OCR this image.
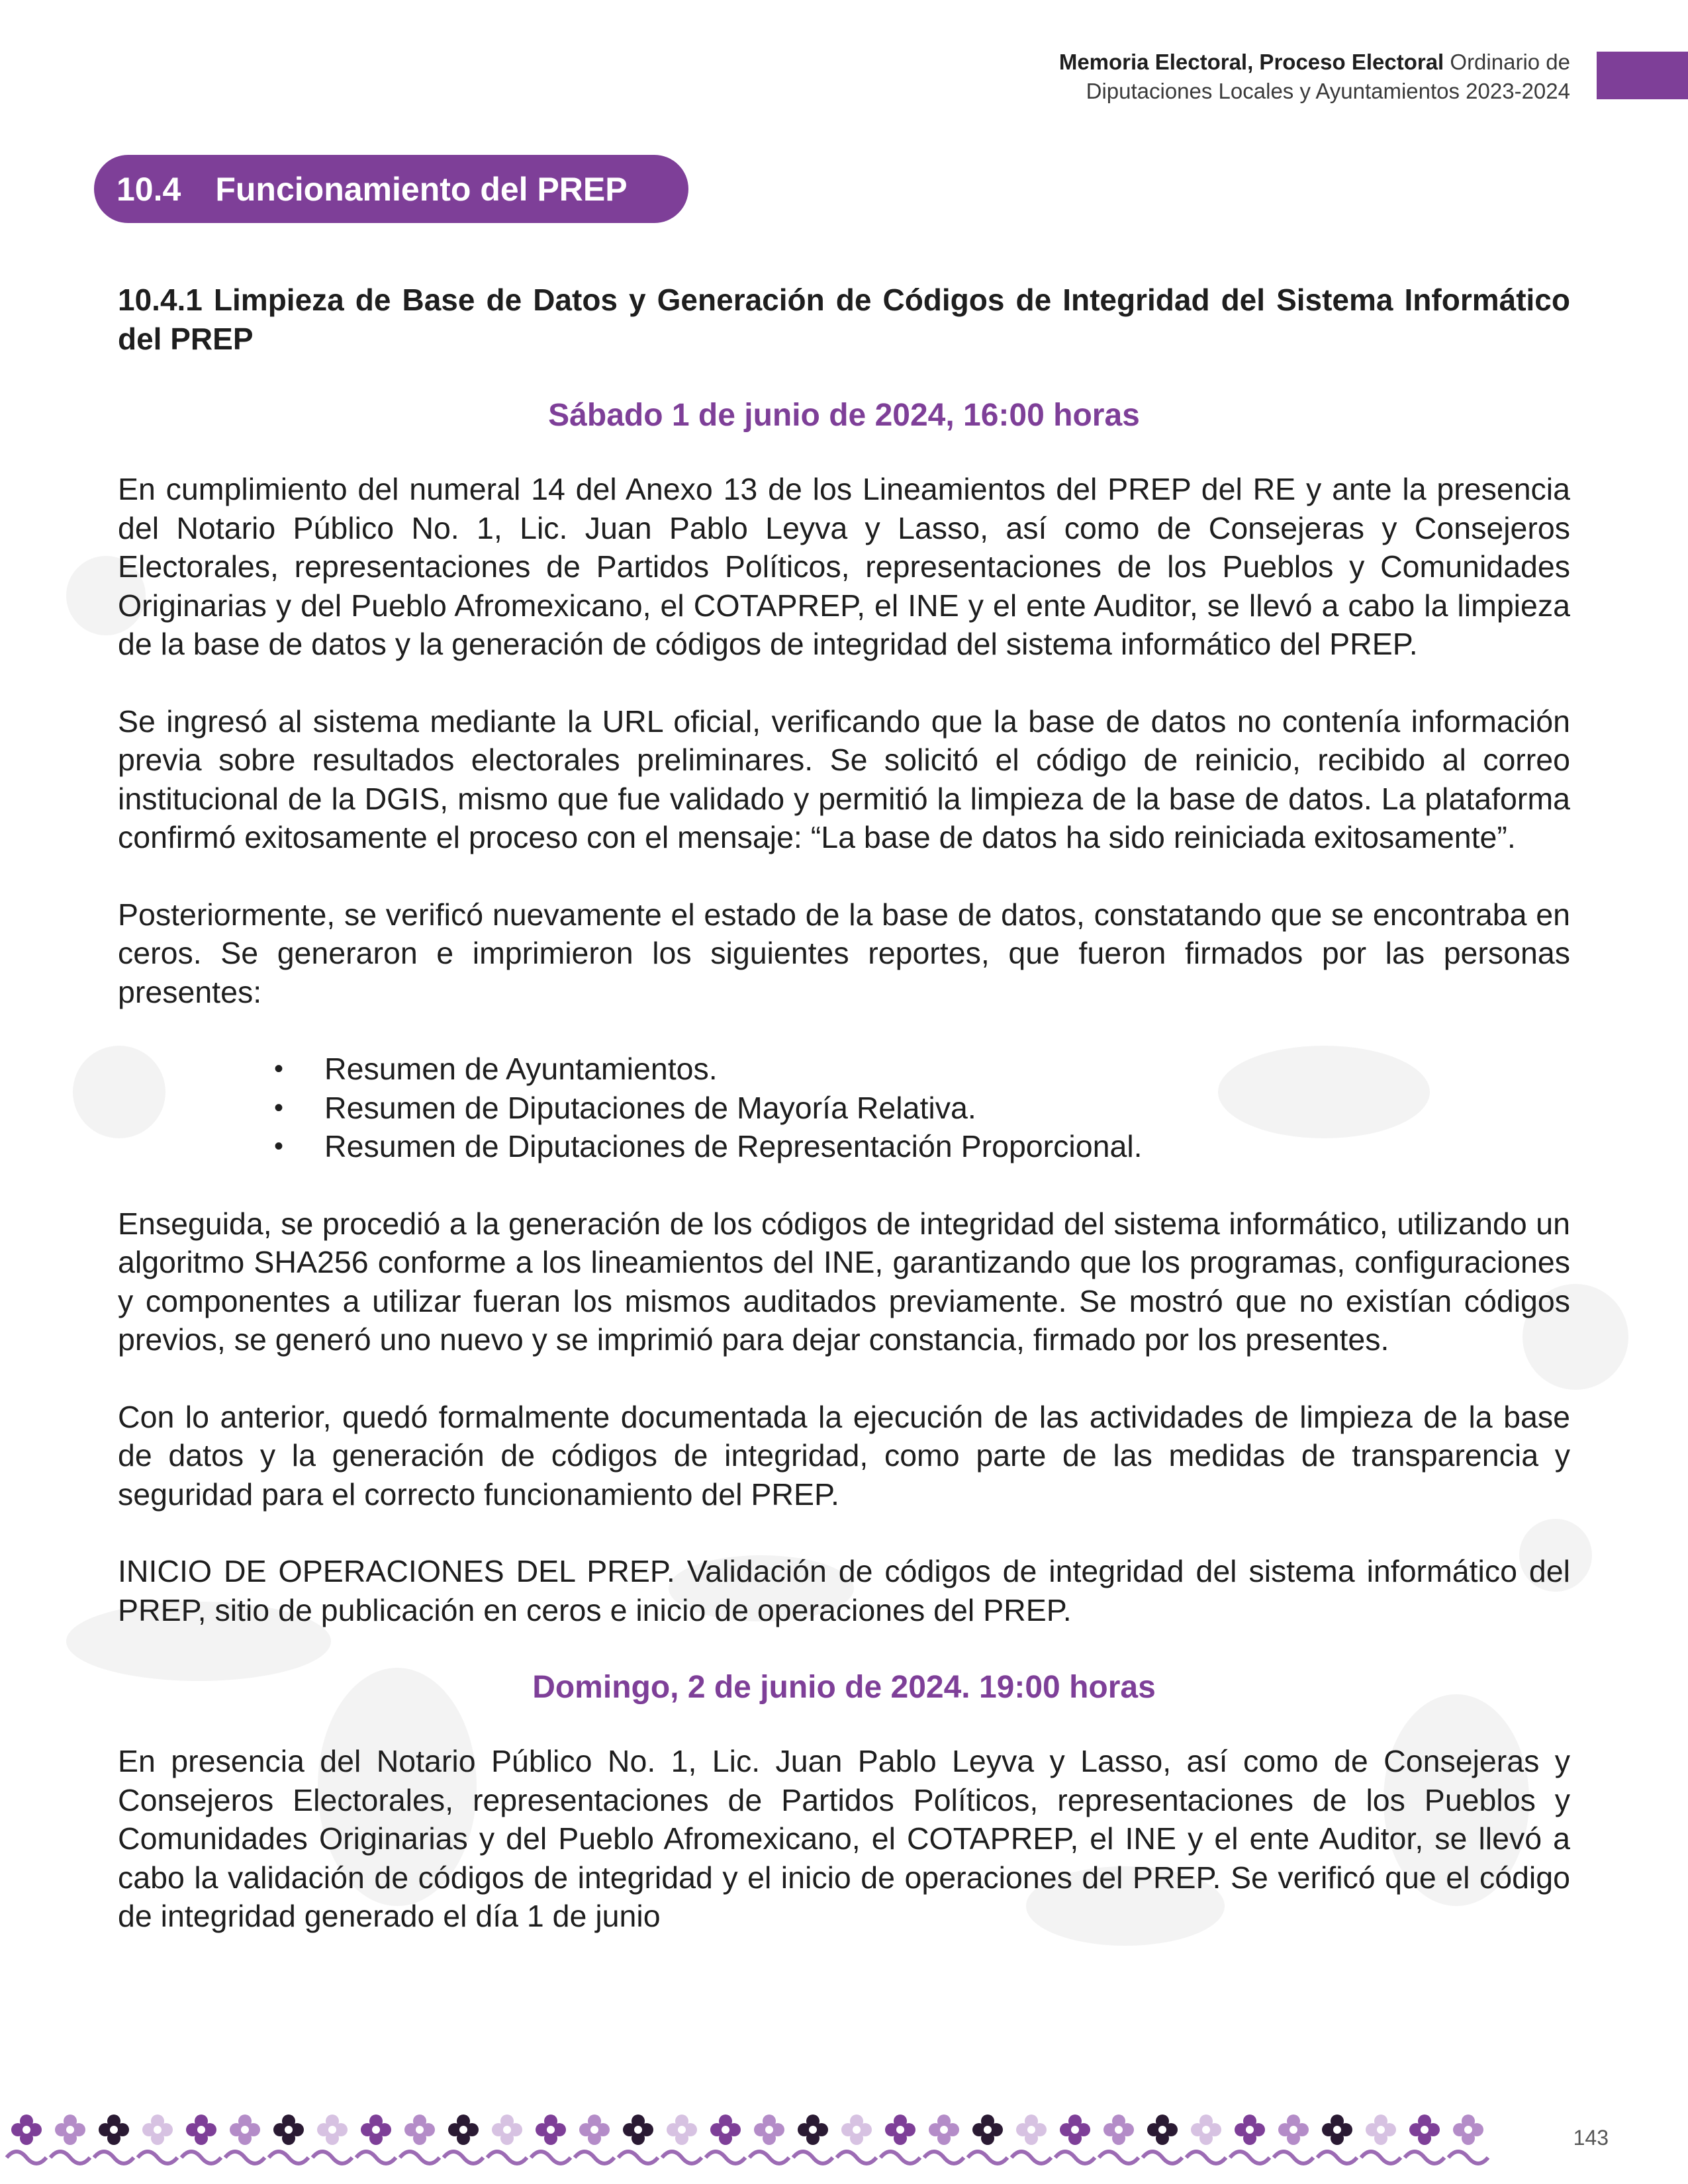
Memoria Electoral, Proceso Electoral Ordinario de
Diputaciones Locales y Ayuntamientos 2023-2024
10.4 Funcionamiento del PREP
10.4.1 Limpieza de Base de Datos y Generación de Códigos de Integridad del Sistema Informático del PREP
Sábado 1 de junio de 2024, 16:00 horas

En cumplimiento del numeral 14 del Anexo 13 de los Lineamientos del PREP del RE y ante la presencia del Notario Público No. 1, Lic. Juan Pablo Leyva y Lasso, así como de Consejeras y Consejeros Electorales, representaciones de Partidos Políticos, representaciones de los Pueblos y Comunidades Originarias y del Pueblo Afromexicano, el COTAPREP, el INE y el ente Auditor, se llevó a cabo la limpieza de la base de datos y la generación de códigos de integridad del sistema informático del PREP.

Se ingresó al sistema mediante la URL oficial, verificando que la base de datos no contenía información previa sobre resultados electorales preliminares. Se solicitó el código de reinicio, recibido al correo institucional de la DGIS, mismo que fue validado y permitió la limpieza de la base de datos. La plataforma confirmó exitosamente el proceso con el mensaje: “La base de datos ha sido reiniciada exitosamente”.

Posteriormente, se verificó nuevamente el estado de la base de datos, constatando que se encontraba en ceros. Se generaron e imprimieron los siguientes reportes, que fueron firmados por las personas presentes:

• Resumen de Ayuntamientos.
• Resumen de Diputaciones de Mayoría Relativa.
• Resumen de Diputaciones de Representación Proporcional.

Enseguida, se procedió a la generación de los códigos de integridad del sistema informático, utilizando un algoritmo SHA256 conforme a los lineamientos del INE, garantizando que los programas, configuraciones y componentes a utilizar fueran los mismos auditados previamente. Se mostró que no existían códigos previos, se generó uno nuevo y se imprimió para dejar constancia, firmado por los presentes.

Con lo anterior, quedó formalmente documentada la ejecución de las actividades de limpieza de la base de datos y la generación de códigos de integridad, como parte de las medidas de transparencia y seguridad para el correcto funcionamiento del PREP.

INICIO DE OPERACIONES DEL PREP. Validación de códigos de integridad del sistema informático del PREP, sitio de publicación en ceros e inicio de operaciones del PREP.

Domingo, 2 de junio de 2024. 19:00 horas

En presencia del Notario Público No. 1, Lic. Juan Pablo Leyva y Lasso, así como de Consejeras y Consejeros Electorales, representaciones de Partidos Políticos, representaciones de los Pueblos y Comunidades Originarias y del Pueblo Afromexicano, el COTAPREP, el INE y el ente Auditor, se llevó a cabo la validación de códigos de integridad y el inicio de operaciones del PREP. Se verificó que el código de integridad generado el día 1 de junio

143
